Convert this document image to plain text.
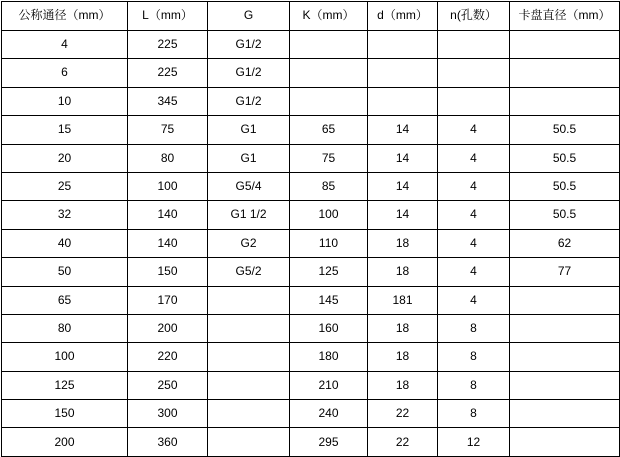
公称通径（mm）	L（mm）	G	K（mm）	d（mm）	n(孔数）	卡盘直径（mm）
4	225	G1/2				
6	225	G1/2				
10	345	G1/2				
15	75	G1	65	14	4	50.5
20	80	G1	75	14	4	50.5
25	100	G5/4	85	14	4	50.5
32	140	G1 1/2	100	14	4	50.5
40	140	G2	110	18	4	62
50	150	G5/2	125	18	4	77
65	170		145	181	4	
80	200		160	18	8	
100	220		180	18	8	
125	250		210	18	8	
150	300		240	22	8	
200	360		295	22	12	
